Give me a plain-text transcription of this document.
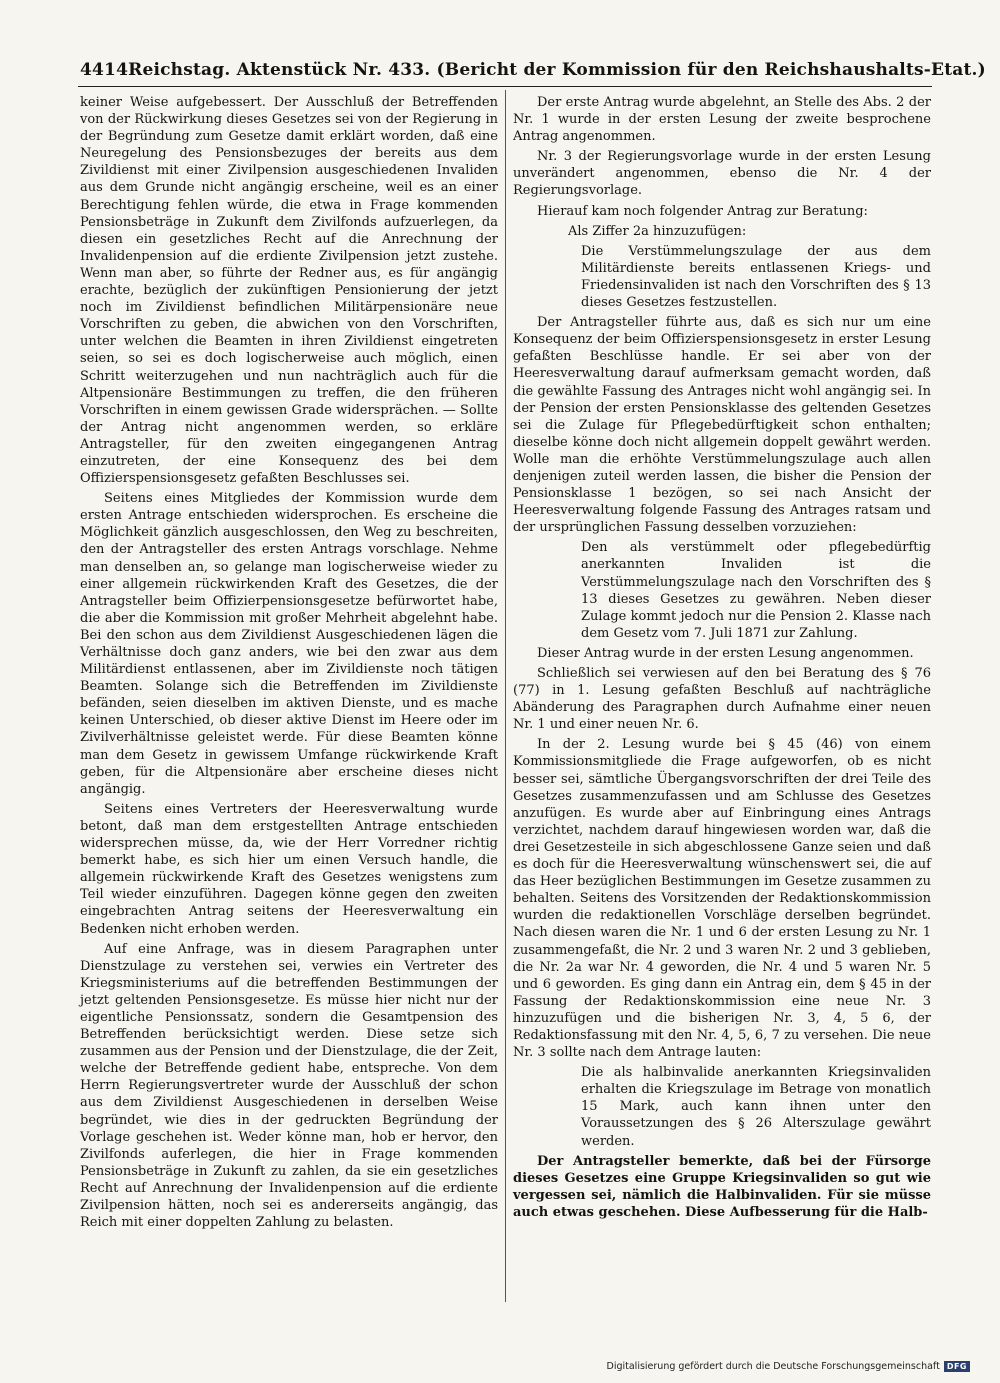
4414 Reichstag. Aktenstück Nr. 433. (Bericht der Kommission für den Reichshaushalts-Etat.)

keiner Weise aufgebessert. Der Ausschluß der Betreffenden von der Rückwirkung dieses Gesetzes sei von der Regierung in der Begründung zum Gesetze damit erklärt worden, daß eine Neuregelung des Pensionsbezuges der bereits aus dem Zivildienst mit einer Zivilpension ausgeschiedenen Invaliden aus dem Grunde nicht angängig erscheine, weil es an einer Berechtigung fehlen würde, die etwa in Frage kommenden Pensionsbeträge in Zukunft dem Zivilfonds aufzuerlegen, da diesen ein gesetzliches Recht auf die Anrechnung der Invalidenpension auf die erdiente Zivilpension jetzt zustehe. Wenn man aber, so führte der Redner aus, es für angängig erachte, bezüglich der zukünftigen Pensionierung der jetzt noch im Zivildienst befindlichen Militärpensionäre neue Vorschriften zu geben, die abwichen von den Vorschriften, unter welchen die Beamten in ihren Zivildienst eingetreten seien, so sei es doch logischerweise auch möglich, einen Schritt weiterzugehen und nun nachträglich auch für die Altpensionäre Bestimmungen zu treffen, die den früheren Vorschriften in einem gewissen Grade widersprächen. — Sollte der Antrag nicht angenommen werden, so erkläre Antragsteller, für den zweiten eingegangenen Antrag einzutreten, der eine Konsequenz des bei dem Offizierspensionsgesetz gefaßten Beschlusses sei.

Seitens eines Mitgliedes der Kommission wurde dem ersten Antrage entschieden widersprochen. Es erscheine die Möglichkeit gänzlich ausgeschlossen, den Weg zu beschreiten, den der Antragsteller des ersten Antrags vorschlage. Nehme man denselben an, so gelange man logischerweise wieder zu einer allgemein rückwirkenden Kraft des Gesetzes, die der Antragsteller beim Offizierpensionsgesetze befürwortet habe, die aber die Kommission mit großer Mehrheit abgelehnt habe. Bei den schon aus dem Zivildienst Ausgeschiedenen lägen die Verhältnisse doch ganz anders, wie bei den zwar aus dem Militärdienst entlassenen, aber im Zivildienste noch tätigen Beamten. Solange sich die Betreffenden im Zivildienste befänden, seien dieselben im aktiven Dienste, und es mache keinen Unterschied, ob dieser aktive Dienst im Heere oder im Zivilverhältnisse geleistet werde. Für diese Beamten könne man dem Gesetz in gewissem Umfange rückwirkende Kraft geben, für die Altpensionäre aber erscheine dieses nicht angängig.

Seitens eines Vertreters der Heeresverwaltung wurde betont, daß man dem erstgestellten Antrage entschieden widersprechen müsse, da, wie der Herr Vorredner richtig bemerkt habe, es sich hier um einen Versuch handle, die allgemein rückwirkende Kraft des Gesetzes wenigstens zum Teil wieder einzuführen. Dagegen könne gegen den zweiten eingebrachten Antrag seitens der Heeresverwaltung ein Bedenken nicht erhoben werden.

Auf eine Anfrage, was in diesem Paragraphen unter Dienstzulage zu verstehen sei, verwies ein Vertreter des Kriegsministeriums auf die betreffenden Bestimmungen der jetzt geltenden Pensionsgesetze. Es müsse hier nicht nur der eigentliche Pensionssatz, sondern die Gesamtpension des Betreffenden berücksichtigt werden. Diese setze sich zusammen aus der Pension und der Dienstzulage, die der Zeit, welche der Betreffende gedient habe, entspreche. Von dem Herrn Regierungsvertreter wurde der Ausschluß der schon aus dem Zivildienst Ausgeschiedenen in derselben Weise begründet, wie dies in der gedruckten Begründung der Vorlage geschehen ist. Weder könne man, hob er hervor, den Zivilfonds auferlegen, die hier in Frage kommenden Pensionsbeträge in Zukunft zu zahlen, da sie ein gesetzliches Recht auf Anrechnung der Invalidenpension auf die erdiente Zivilpension hätten, noch sei es andererseits angängig, das Reich mit einer doppelten Zahlung zu belasten.

Der erste Antrag wurde abgelehnt, an Stelle des Abs. 2 der Nr. 1 wurde in der ersten Lesung der zweite besprochene Antrag angenommen.

Nr. 3 der Regierungsvorlage wurde in der ersten Lesung unverändert angenommen, ebenso die Nr. 4 der Regierungsvorlage.

Hierauf kam noch folgender Antrag zur Beratung:

Als Ziffer 2a hinzuzufügen:

Die Verstümmelungszulage der aus dem Militärdienste bereits entlassenen Kriegs- und Friedensinvaliden ist nach den Vorschriften des § 13 dieses Gesetzes festzustellen.

Der Antragsteller führte aus, daß es sich nur um eine Konsequenz der beim Offizierspensionsgesetz in erster Lesung gefaßten Beschlüsse handle. Er sei aber von der Heeresverwaltung darauf aufmerksam gemacht worden, daß die gewählte Fassung des Antrages nicht wohl angängig sei. In der Pension der ersten Pensionsklasse des geltenden Gesetzes sei die Zulage für Pflegebedürftigkeit schon enthalten; dieselbe könne doch nicht allgemein doppelt gewährt werden. Wolle man die erhöhte Verstümmelungszulage auch allen denjenigen zuteil werden lassen, die bisher die Pension der Pensionsklasse 1 bezögen, so sei nach Ansicht der Heeresverwaltung folgende Fassung des Antrages ratsam und der ursprünglichen Fassung desselben vorzuziehen:

Den als verstümmelt oder pflegebedürftig anerkannten Invaliden ist die Verstümmelungszulage nach den Vorschriften des § 13 dieses Gesetzes zu gewähren. Neben dieser Zulage kommt jedoch nur die Pension 2. Klasse nach dem Gesetz vom 7. Juli 1871 zur Zahlung.

Dieser Antrag wurde in der ersten Lesung angenommen.

Schließlich sei verwiesen auf den bei Beratung des § 76 (77) in 1. Lesung gefaßten Beschluß auf nachträgliche Abänderung des Paragraphen durch Aufnahme einer neuen Nr. 1 und einer neuen Nr. 6.

In der 2. Lesung wurde bei § 45 (46) von einem Kommissionsmitgliede die Frage aufgeworfen, ob es nicht besser sei, sämtliche Übergangsvorschriften der drei Teile des Gesetzes zusammenzufassen und am Schlusse des Gesetzes anzufügen. Es wurde aber auf Einbringung eines Antrags verzichtet, nachdem darauf hingewiesen worden war, daß die drei Gesetzesteile in sich abgeschlossene Ganze seien und daß es doch für die Heeresverwaltung wünschenswert sei, die auf das Heer bezüglichen Bestimmungen im Gesetze zusammen zu behalten. Seitens des Vorsitzenden der Redaktionskommission wurden die redaktionellen Vorschläge derselben begründet. Nach diesen waren die Nr. 1 und 6 der ersten Lesung zu Nr. 1 zusammengefaßt, die Nr. 2 und 3 waren Nr. 2 und 3 geblieben, die Nr. 2a war Nr. 4 geworden, die Nr. 4 und 5 waren Nr. 5 und 6 geworden. Es ging dann ein Antrag ein, dem § 45 in der Fassung der Redaktionskommission eine neue Nr. 3 hinzuzufügen und die bisherigen Nr. 3, 4, 5 6, der Redaktionsfassung mit den Nr. 4, 5, 6, 7 zu versehen. Die neue Nr. 3 sollte nach dem Antrage lauten:

Die als halbinvalide anerkannten Kriegsinvaliden erhalten die Kriegszulage im Betrage von monatlich 15 Mark, auch kann ihnen unter den Voraussetzungen des § 26 Alterszulage gewährt werden.

Der Antragsteller bemerkte, daß bei der Fürsorge dieses Gesetzes eine Gruppe Kriegsinvaliden so gut wie vergessen sei, nämlich die Halbinvaliden. Für sie müsse auch etwas geschehen. Diese Aufbesserung für die Halb-

Digitalisierung gefördert durch die Deutsche Forschungsgemeinschaft DFG
